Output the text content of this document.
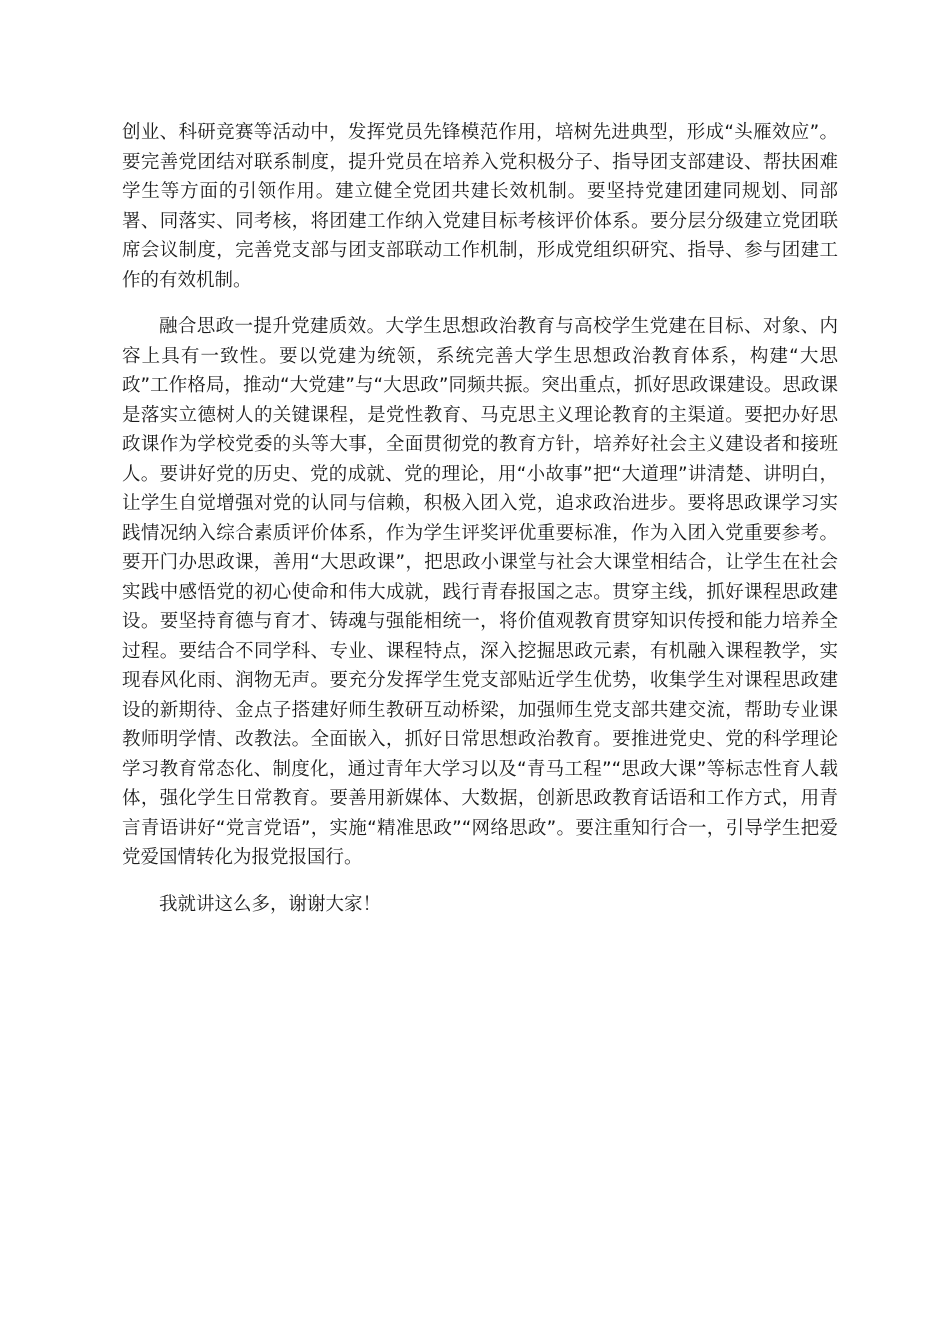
创业、科研竞赛等活动中，发挥党员先锋模范作用，培树先进典型，形成“头雁效应”。要完善党团结对联系制度，提升党员在培养入党积极分子、指导团支部建设、帮扶困难学生等方面的引领作用。建立健全党团共建长效机制。要坚持党建团建同规划、同部署、同落实、同考核，将团建工作纳入党建目标考核评价体系。要分层分级建立党团联席会议制度，完善党支部与团支部联动工作机制，形成党组织研究、指导、参与团建工作的有效机制。

融合思政一提升党建质效。大学生思想政治教育与高校学生党建在目标、对象、内容上具有一致性。要以党建为统领，系统完善大学生思想政治教育体系，构建“大思政”工作格局，推动“大党建”与“大思政”同频共振。突出重点，抓好思政课建设。思政课是落实立德树人的关键课程，是党性教育、马克思主义理论教育的主渠道。要把办好思政课作为学校党委的头等大事，全面贯彻党的教育方针，培养好社会主义建设者和接班人。要讲好党的历史、党的成就、党的理论，用“小故事”把“大道理”讲清楚、讲明白，让学生自觉增强对党的认同与信赖，积极入团入党，追求政治进步。要将思政课学习实践情况纳入综合素质评价体系，作为学生评奖评优重要标准，作为入团入党重要参考。要开门办思政课，善用“大思政课”，把思政小课堂与社会大课堂相结合，让学生在社会实践中感悟党的初心使命和伟大成就，践行青春报国之志。贯穿主线，抓好课程思政建设。要坚持育德与育才、铸魂与强能相统一，将价值观教育贯穿知识传授和能力培养全过程。要结合不同学科、专业、课程特点，深入挖掘思政元素，有机融入课程教学，实现春风化雨、润物无声。要充分发挥学生党支部贴近学生优势，收集学生对课程思政建设的新期待、金点子搭建好师生教研互动桥梁，加强师生党支部共建交流，帮助专业课教师明学情、改教法。全面嵌入，抓好日常思想政治教育。要推进党史、党的科学理论学习教育常态化、制度化，通过青年大学习以及“青马工程”“思政大课”等标志性育人载体，强化学生日常教育。要善用新媒体、大数据，创新思政教育话语和工作方式，用青言青语讲好“党言党语”，实施“精准思政”“网络思政”。要注重知行合一，引导学生把爱党爱国情转化为报党报国行。

我就讲这么多，谢谢大家！
